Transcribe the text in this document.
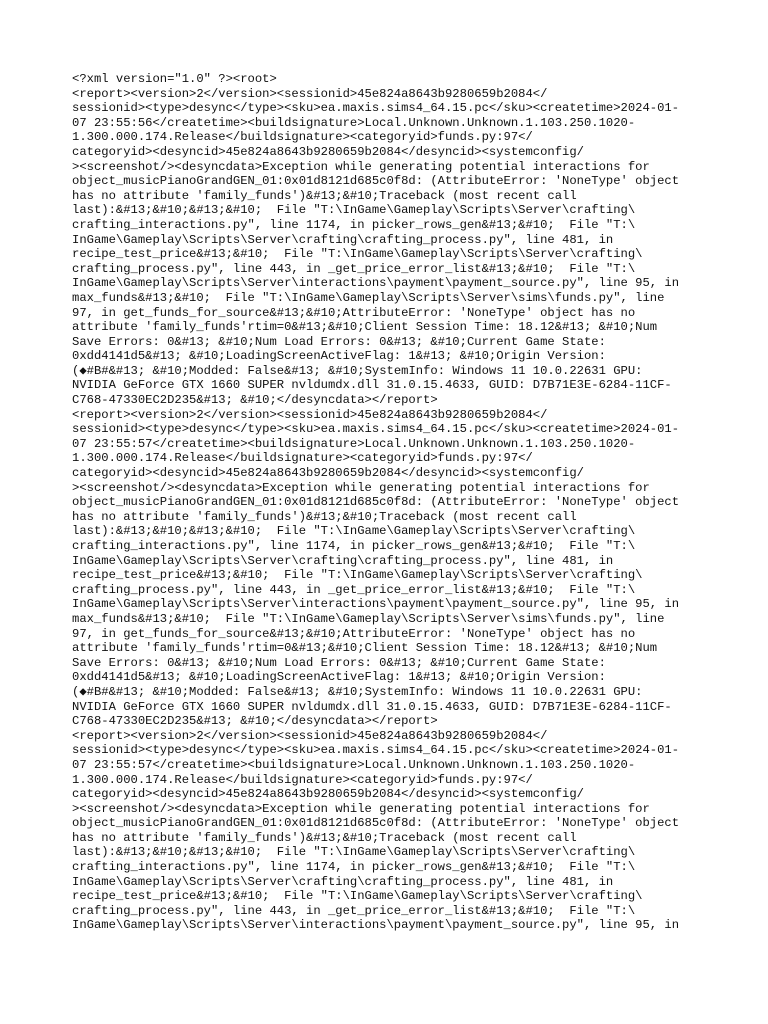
<?xml version="1.0" ?><root>
<report><version>2</version><sessionid>45e824a8643b9280659b2084</
sessionid><type>desync</type><sku>ea.maxis.sims4_64.15.pc</sku><createtime>2024-01-
07 23:55:56</createtime><buildsignature>Local.Unknown.Unknown.1.103.250.1020-
1.300.000.174.Release</buildsignature><categoryid>funds.py:97</
categoryid><desyncid>45e824a8643b9280659b2084</desyncid><systemconfig/
><screenshot/><desyncdata>Exception while generating potential interactions for
object_musicPianoGrandGEN_01:0x01d8121d685c0f8d: (AttributeError: 'NoneType' object
has no attribute 'family_funds')&#13;&#10;Traceback (most recent call
last):&#13;&#10;&#13;&#10;  File "T:\InGame\Gameplay\Scripts\Server\crafting\
crafting_interactions.py", line 1174, in picker_rows_gen&#13;&#10;  File "T:\
InGame\Gameplay\Scripts\Server\crafting\crafting_process.py", line 481, in
recipe_test_price&#13;&#10;  File "T:\InGame\Gameplay\Scripts\Server\crafting\
crafting_process.py", line 443, in _get_price_error_list&#13;&#10;  File "T:\
InGame\Gameplay\Scripts\Server\interactions\payment\payment_source.py", line 95, in
max_funds&#13;&#10;  File "T:\InGame\Gameplay\Scripts\Server\sims\funds.py", line
97, in get_funds_for_source&#13;&#10;AttributeError: 'NoneType' object has no
attribute 'family_funds'rtim=0&#13;&#10;Client Session Time: 18.12&#13; &#10;Num
Save Errors: 0&#13; &#10;Num Load Errors: 0&#13; &#10;Current Game State:
0xdd4141d5&#13; &#10;LoadingScreenActiveFlag: 1&#13; &#10;Origin Version:
(◆#B#&#13; &#10;Modded: False&#13; &#10;SystemInfo: Windows 11 10.0.22631 GPU:
NVIDIA GeForce GTX 1660 SUPER nvldumdx.dll 31.0.15.4633, GUID: D7B71E3E-6284-11CF-
C768-47330EC2D235&#13; &#10;</desyncdata></report>
<report><version>2</version><sessionid>45e824a8643b9280659b2084</
sessionid><type>desync</type><sku>ea.maxis.sims4_64.15.pc</sku><createtime>2024-01-
07 23:55:57</createtime><buildsignature>Local.Unknown.Unknown.1.103.250.1020-
1.300.000.174.Release</buildsignature><categoryid>funds.py:97</
categoryid><desyncid>45e824a8643b9280659b2084</desyncid><systemconfig/
><screenshot/><desyncdata>Exception while generating potential interactions for
object_musicPianoGrandGEN_01:0x01d8121d685c0f8d: (AttributeError: 'NoneType' object
has no attribute 'family_funds')&#13;&#10;Traceback (most recent call
last):&#13;&#10;&#13;&#10;  File "T:\InGame\Gameplay\Scripts\Server\crafting\
crafting_interactions.py", line 1174, in picker_rows_gen&#13;&#10;  File "T:\
InGame\Gameplay\Scripts\Server\crafting\crafting_process.py", line 481, in
recipe_test_price&#13;&#10;  File "T:\InGame\Gameplay\Scripts\Server\crafting\
crafting_process.py", line 443, in _get_price_error_list&#13;&#10;  File "T:\
InGame\Gameplay\Scripts\Server\interactions\payment\payment_source.py", line 95, in
max_funds&#13;&#10;  File "T:\InGame\Gameplay\Scripts\Server\sims\funds.py", line
97, in get_funds_for_source&#13;&#10;AttributeError: 'NoneType' object has no
attribute 'family_funds'rtim=0&#13;&#10;Client Session Time: 18.12&#13; &#10;Num
Save Errors: 0&#13; &#10;Num Load Errors: 0&#13; &#10;Current Game State:
0xdd4141d5&#13; &#10;LoadingScreenActiveFlag: 1&#13; &#10;Origin Version:
(◆#B#&#13; &#10;Modded: False&#13; &#10;SystemInfo: Windows 11 10.0.22631 GPU:
NVIDIA GeForce GTX 1660 SUPER nvldumdx.dll 31.0.15.4633, GUID: D7B71E3E-6284-11CF-
C768-47330EC2D235&#13; &#10;</desyncdata></report>
<report><version>2</version><sessionid>45e824a8643b9280659b2084</
sessionid><type>desync</type><sku>ea.maxis.sims4_64.15.pc</sku><createtime>2024-01-
07 23:55:57</createtime><buildsignature>Local.Unknown.Unknown.1.103.250.1020-
1.300.000.174.Release</buildsignature><categoryid>funds.py:97</
categoryid><desyncid>45e824a8643b9280659b2084</desyncid><systemconfig/
><screenshot/><desyncdata>Exception while generating potential interactions for
object_musicPianoGrandGEN_01:0x01d8121d685c0f8d: (AttributeError: 'NoneType' object
has no attribute 'family_funds')&#13;&#10;Traceback (most recent call
last):&#13;&#10;&#13;&#10;  File "T:\InGame\Gameplay\Scripts\Server\crafting\
crafting_interactions.py", line 1174, in picker_rows_gen&#13;&#10;  File "T:\
InGame\Gameplay\Scripts\Server\crafting\crafting_process.py", line 481, in
recipe_test_price&#13;&#10;  File "T:\InGame\Gameplay\Scripts\Server\crafting\
crafting_process.py", line 443, in _get_price_error_list&#13;&#10;  File "T:\
InGame\Gameplay\Scripts\Server\interactions\payment\payment_source.py", line 95, in
